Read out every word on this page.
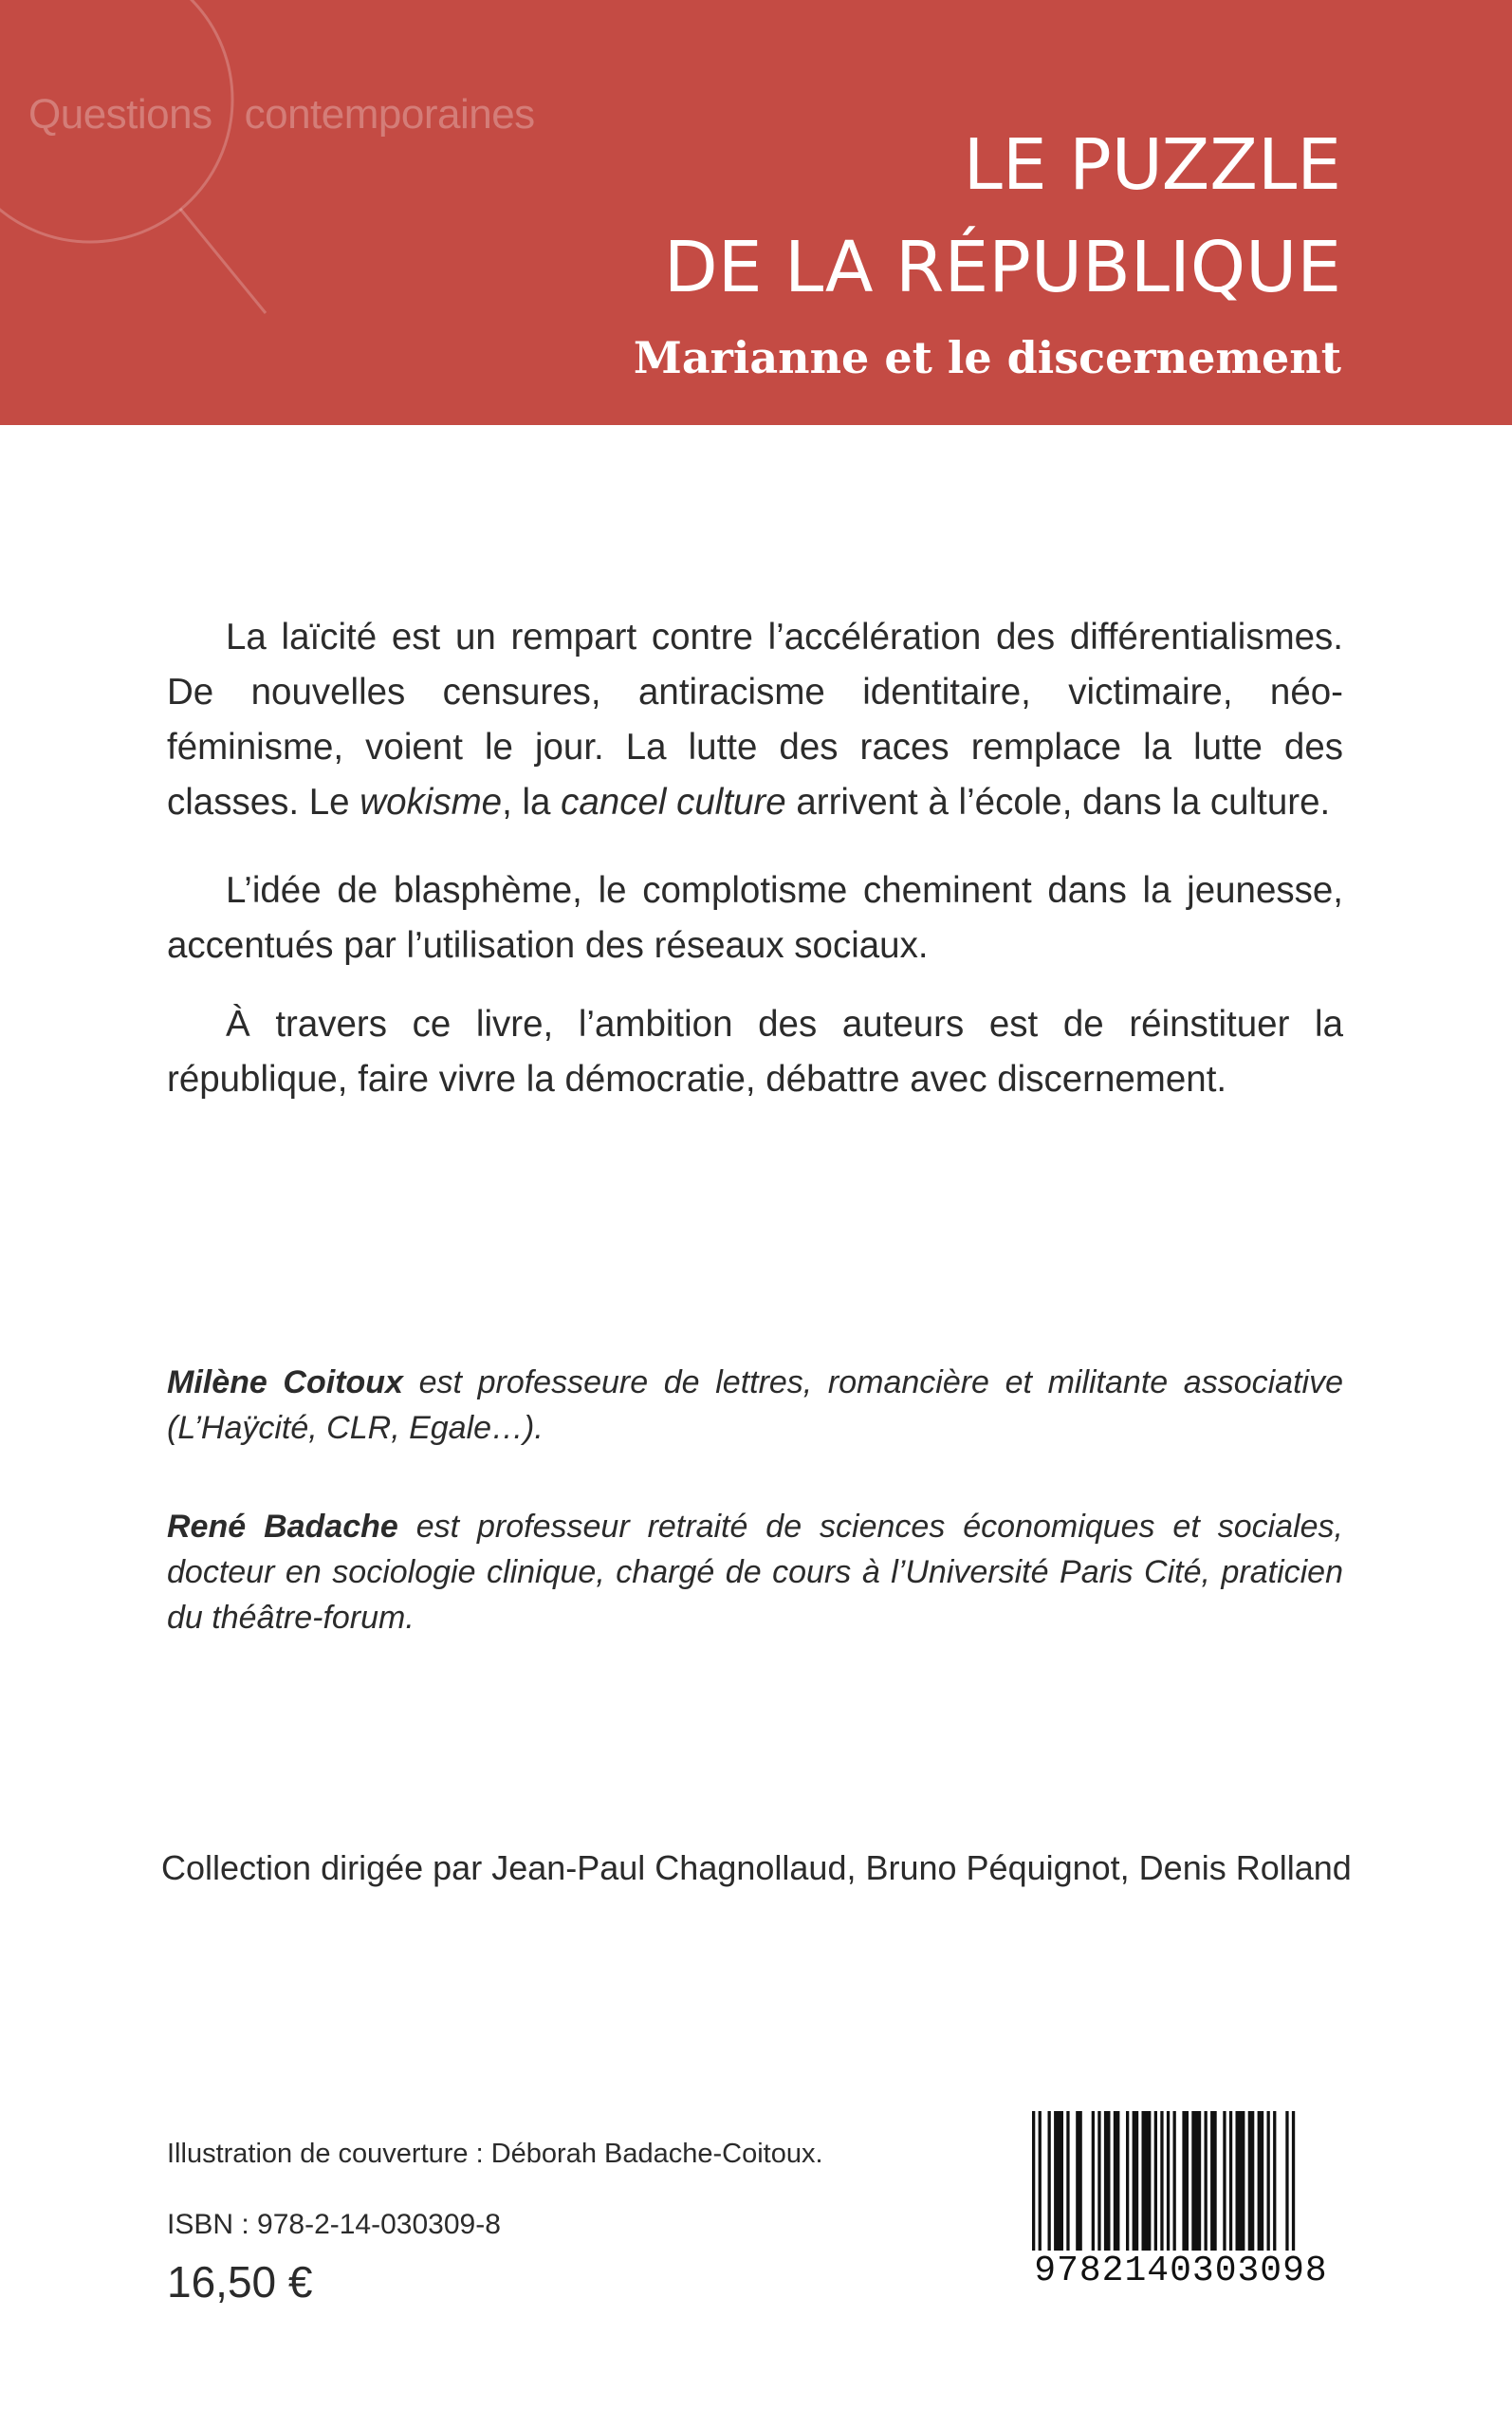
Questions contemporaines
LE PUZZLE
DE LA RÉPUBLIQUE
Marianne et le discernement

La laïcité est un rempart contre l’accélération des différentialismes. De nouvelles censures, antiracisme identitaire, victimaire, néo-féminisme, voient le jour. La lutte des races remplace la lutte des classes. Le wokisme, la cancel culture arrivent à l’école, dans la culture.

L’idée de blasphème, le complotisme cheminent dans la jeunesse, accentués par l’utilisation des réseaux sociaux.

À travers ce livre, l’ambition des auteurs est de réinstituer la république, faire vivre la démocratie, débattre avec discernement.

Milène Coitoux est professeure de lettres, romancière et militante associative (L’Haÿcité, CLR, Egale…).
René Badache est professeur retraité de sciences économiques et sociales, docteur en sociologie clinique, chargé de cours à l’Université Paris Cité, praticien du théâtre-forum.
Collection dirigée par Jean-Paul Chagnollaud, Bruno Péquignot, Denis Rolland
Illustration de couverture : Déborah Badache-Coitoux.
ISBN : 978-2-14-030309-8
16,50 €	9782140303098
